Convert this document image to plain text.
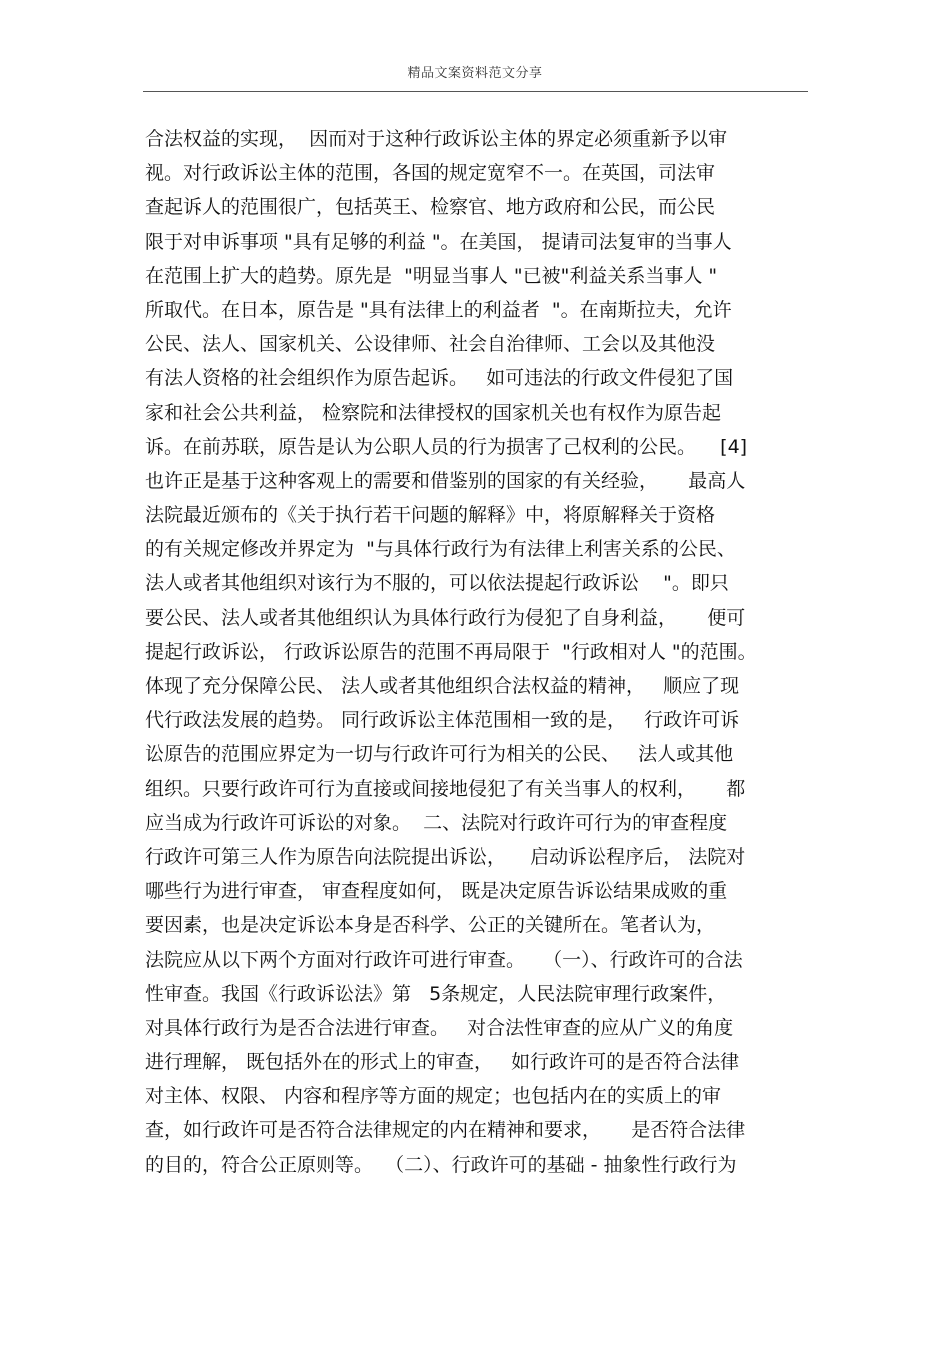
精品文案资料范文分享
合法权益的实现，  因而对于这种行政诉讼主体的界定必须重新予以审
视。对行政诉讼主体的范围，各国的规定宽窄不一。在英国，司法审
查起诉人的范围很广，包括英王、检察官、地方政府和公民，而公民
限于对申诉事项 "具有足够的利益 "。在美国， 提请司法复审的当事人
在范围上扩大的趋势。原先是  "明显当事人 "已被"利益关系当事人 "
所取代。在日本，原告是 "具有法律上的利益者  "。在南斯拉夫，允许
公民、法人、国家机关、公设律师、社会自治律师、工会以及其他没
有法人资格的社会组织作为原告起诉。   如可违法的行政文件侵犯了国
家和社会公共利益， 检察院和法律授权的国家机关也有权作为原告起
诉。在前苏联，原告是认为公职人员的行为损害了己权利的公民。    [4]
也许正是基于这种客观上的需要和借鉴别的国家的有关经验，     最高人
法院最近颁布的《关于执行若干问题的解释》中，将原解释关于资格
的有关规定修改并界定为  "与具体行政行为有法律上利害关系的公民、
法人或者其他组织对该行为不服的，可以依法提起行政诉讼    "。即只
要公民、法人或者其他组织认为具体行政行为侵犯了自身利益，     便可
提起行政诉讼， 行政诉讼原告的范围不再局限于  "行政相对人 "的范围。
体现了充分保障公民、 法人或者其他组织合法权益的精神，   顺应了现
代行政法发展的趋势。 同行政诉讼主体范围相一致的是，   行政许可诉
讼原告的范围应界定为一切与行政许可行为相关的公民、   法人或其他
组织。只要行政许可行为直接或间接地侵犯了有关当事人的权利，     都
应当成为行政许可诉讼的对象。  二、法院对行政许可行为的审查程度
行政许可第三人作为原告向法院提出诉讼，    启动诉讼程序后， 法院对
哪些行为进行审查， 审查程度如何， 既是决定原告诉讼结果成败的重
要因素，也是决定诉讼本身是否科学、公正的关键所在。笔者认为，
法院应从以下两个方面对行政许可进行审查。   （一）、行政许可的合法
性审查。我国《行政诉讼法》第   5条规定，人民法院审理行政案件，
对具体行政行为是否合法进行审查。   对合法性审查的应从广义的角度
进行理解， 既包括外在的形式上的审查，   如行政许可的是否符合法律
对主体、权限、 内容和程序等方面的规定；也包括内在的实质上的审
查，如行政许可是否符合法律规定的内在精神和要求，     是否符合法律
的目的，符合公正原则等。  （二）、行政许可的基础 - 抽象性行政行为
